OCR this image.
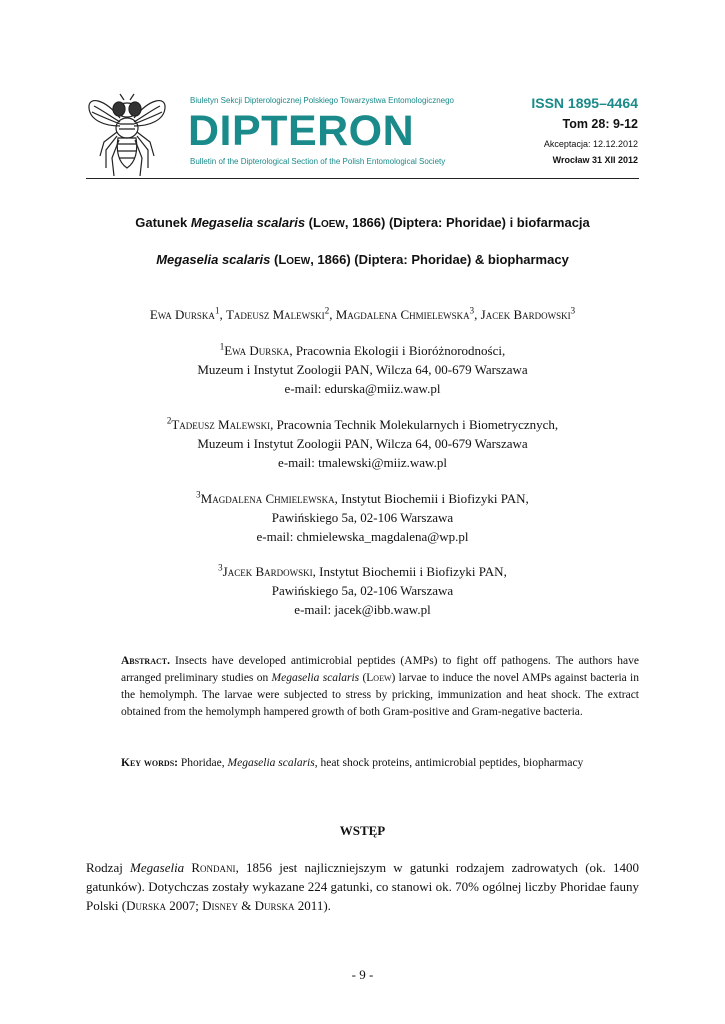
Biuletyn Sekcji Dipterologicznej Polskiego Towarzystwa Entomologicznego
DIPTERON
Bulletin of the Dipterological Section of the Polish Entomological Society
ISSN 1895–4464
Tom 28: 9-12
Akceptacja: 12.12.2012
Wrocław 31 XII 2012
Gatunek Megaselia scalaris (LOEW, 1866) (Diptera: Phoridae) i biofarmacja
Megaselia scalaris (LOEW, 1866) (Diptera: Phoridae) & biopharmacy
Ewa Durska$^1$, Tadeusz Malewski$^2$, Magdalena Chmielewska$^3$, Jacek Bardowski$^3$
$^1$Ewa Durska, Pracownia Ekologii i Bioróżnorodności,
Muzeum i Instytut Zoologii PAN, Wilcza 64, 00-679 Warszawa
e-mail: edurska@miiz.waw.pl
$^2$Tadeusz Malewski, Pracownia Technik Molekularnych i Biometrycznych,
Muzeum i Instytut Zoologii PAN, Wilcza 64, 00-679 Warszawa
e-mail: tmalewski@miiz.waw.pl
$^3$Magdalena Chmielewska, Instytut Biochemii i Biofizyki PAN,
Pawińskiego 5a, 02-106 Warszawa
e-mail: chmielewska_magdalena@wp.pl
$^3$Jacek Bardowski, Instytut Biochemii i Biofizyki PAN,
Pawińskiego 5a, 02-106 Warszawa
e-mail: jacek@ibb.waw.pl
Abstract. Insects have developed antimicrobial peptides (AMPs) to fight off pathogens. The authors have arranged preliminary studies on Megaselia scalaris (Loew) larvae to induce the novel AMPs against bacteria in the hemolymph. The larvae were subjected to stress by pricking, immunization and heat shock. The extract obtained from the hemolymph hampered growth of both Gram-positive and Gram-negative bacteria.
Key words: Phoridae, Megaselia scalaris, heat shock proteins, antimicrobial peptides, biopharmacy
WSTĘP
Rodzaj Megaselia Rondani, 1856 jest najliczniejszym w gatunki rodzajem zadrowatych (ok. 1400 gatunków). Dotychczas zostały wykazane 224 gatunki, co stanowi ok. 70% ogólnej liczby Phoridae fauny Polski (Durska 2007; Disney & Durska 2011).
- 9 -
